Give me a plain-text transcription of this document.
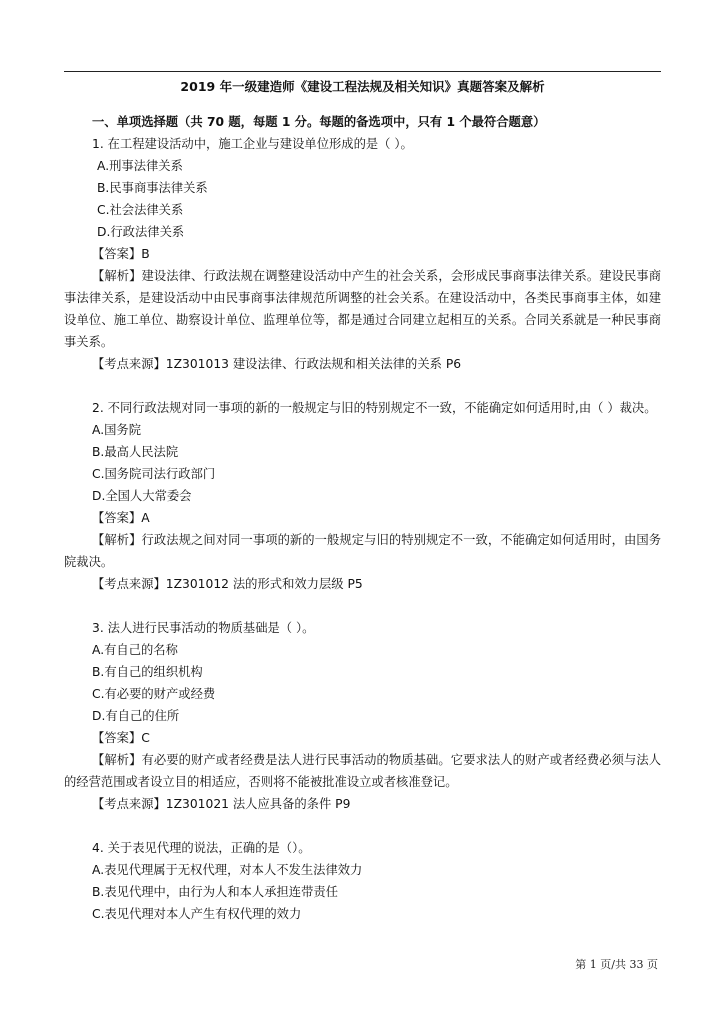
2019 年一级建造师《建设工程法规及相关知识》真题答案及解析
一、单项选择题（共 70 题，每题 1 分。每题的备选项中，只有 1 个最符合题意）
1. 在工程建设活动中，施工企业与建设单位形成的是（ ）。
A.刑事法律关系
B.民事商事法律关系
C.社会法律关系
D.行政法律关系
【答案】B
【解析】建设法律、行政法规在调整建设活动中产生的社会关系，会形成民事商事法律关系。建设民事商事法律关系，是建设活动中由民事商事法律规范所调整的社会关系。在建设活动中，各类民事商事主体，如建设单位、施工单位、勘察设计单位、监理单位等，都是通过合同建立起相互的关系。合同关系就是一种民事商事关系。
【考点来源】1Z301013 建设法律、行政法规和相关法律的关系 P6
2. 不同行政法规对同一事项的新的一般规定与旧的特别规定不一致，不能确定如何适用时,由（ ）裁决。
A.国务院
B.最高人民法院
C.国务院司法行政部门
D.全国人大常委会
【答案】A
【解析】行政法规之间对同一事项的新的一般规定与旧的特别规定不一致，不能确定如何适用时，由国务院裁决。
【考点来源】1Z301012 法的形式和效力层级 P5
3. 法人进行民事活动的物质基础是（ ）。
A.有自己的名称
B.有自己的组织机构
C.有必要的财产或经费
D.有自己的住所
【答案】C
【解析】有必要的财产或者经费是法人进行民事活动的物质基础。它要求法人的财产或者经费必须与法人的经营范围或者设立目的相适应，否则将不能被批准设立或者核准登记。
【考点来源】1Z301021 法人应具备的条件 P9
4. 关于表见代理的说法，正确的是（）。
A.表见代理属于无权代理，对本人不发生法律效力
B.表见代理中，由行为人和本人承担连带责任
C.表见代理对本人产生有权代理的效力
第 1 页/共 33 页
